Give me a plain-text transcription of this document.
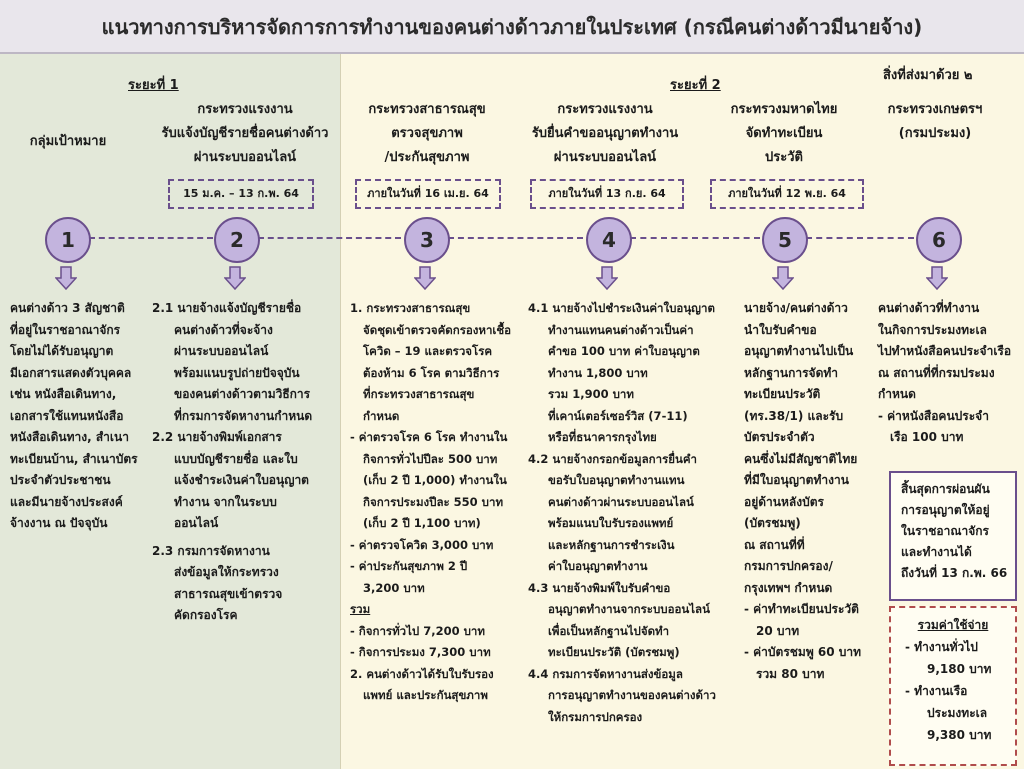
แนวทางการบริหารจัดการการทำงานของคนต่างด้าวภายในประเทศ (กรณีคนต่างด้าวมีนายจ้าง)
ระยะที่ 1	ระยะที่ 2
สิ่งที่ส่งมาด้วย ๒
กลุ่มเป้าหมาย
กระทรวงแรงงาน
รับแจ้งบัญชีรายชื่อคนต่างด้าว
ผ่านระบบออนไลน์
กระทรวงสาธารณสุข
ตรวจสุขภาพ
/ประกันสุขภาพ
กระทรวงแรงงาน
รับยื่นคำขออนุญาตทำงาน
ผ่านระบบออนไลน์
กระทรวงมหาดไทย
จัดทำทะเบียน
ประวัติ
กระทรวงเกษตรฯ
(กรมประมง)
15 ม.ค. – 13 ก.พ. 64	ภายในวันที่ 16 เม.ย. 64	ภายในวันที่ 13 ก.ย. 64	ภายในวันที่ 12 พ.ย. 64
1	2	3	4	5	6
คนต่างด้าว 3 สัญชาติ
ที่อยู่ในราชอาณาจักร
โดยไม่ได้รับอนุญาต
มีเอกสารแสดงตัวบุคคล
เช่น หนังสือเดินทาง,
เอกสารใช้แทนหนังสือ
หนังสือเดินทาง, สำเนา
ทะเบียนบ้าน, สำเนาบัตร
ประจำตัวประชาชน
และมีนายจ้างประสงค์
จ้างงาน ณ ปัจจุบัน
2.1 นายจ้างแจ้งบัญชีรายชื่อ
คนต่างด้าวที่จะจ้าง
ผ่านระบบออนไลน์
พร้อมแนบรูปถ่ายปัจจุบัน
ของคนต่างด้าวตามวิธีการ
ที่กรมการจัดหางานกำหนด
2.2 นายจ้างพิมพ์เอกสาร
แบบบัญชีรายชื่อ และใบ
แจ้งชำระเงินค่าใบอนุญาต
ทำงาน จากในระบบ
ออนไลน์
2.3 กรมการจัดหางาน
ส่งข้อมูลให้กระทรวง
สาธารณสุขเข้าตรวจ
คัดกรองโรค
1. กระทรวงสาธารณสุข
จัดชุดเข้าตรวจคัดกรองหาเชื้อ
โควิด – 19 และตรวจโรค
ต้องห้าม 6 โรค ตามวิธีการ
ที่กระทรวงสาธารณสุข
กำหนด
- ค่าตรวจโรค 6 โรค ทำงานใน
กิจการทั่วไปปีละ 500 บาท
(เก็บ 2 ปี 1,000) ทำงานใน
กิจการประมงปีละ 550 บาท
(เก็บ 2 ปี 1,100 บาท)
- ค่าตรวจโควิด 3,000 บาท
- ค่าประกันสุขภาพ 2 ปี
3,200 บาท
รวม
- กิจการทั่วไป 7,200 บาท
- กิจการประมง 7,300 บาท
2. คนต่างด้าวได้รับใบรับรอง
แพทย์ และประกันสุขภาพ
4.1 นายจ้างไปชำระเงินค่าใบอนุญาต
ทำงานแทนคนต่างด้าวเป็นค่า
คำขอ 100 บาท ค่าใบอนุญาต
ทำงาน 1,800 บาท
รวม 1,900 บาท
ที่เคาน์เตอร์เซอร์วิส (7-11)
หรือที่ธนาคารกรุงไทย
4.2 นายจ้างกรอกข้อมูลการยื่นคำ
ขอรับใบอนุญาตทำงานแทน
คนต่างด้าวผ่านระบบออนไลน์
พร้อมแนบใบรับรองแพทย์
และหลักฐานการชำระเงิน
ค่าใบอนุญาตทำงาน
4.3 นายจ้างพิมพ์ใบรับคำขอ
อนุญาตทำงานจากระบบออนไลน์
เพื่อเป็นหลักฐานไปจัดทำ
ทะเบียนประวัติ (บัตรชมพู)
4.4 กรมการจัดหางานส่งข้อมูล
การอนุญาตทำงานของคนต่างด้าว
ให้กรมการปกครอง
นายจ้าง/คนต่างด้าว
นำใบรับคำขอ
อนุญาตทำงานไปเป็น
หลักฐานการจัดทำ
ทะเบียนประวัติ
(ทร.38/1) และรับ
บัตรประจำตัว
คนซึ่งไม่มีสัญชาติไทย
ที่มีใบอนุญาตทำงาน
อยู่ด้านหลังบัตร
(บัตรชมพู)
ณ สถานที่ที่
กรมการปกครอง/
กรุงเทพฯ กำหนด
- ค่าทำทะเบียนประวัติ
20 บาท
- ค่าบัตรชมพู 60 บาท
รวม 80 บาท
คนต่างด้าวที่ทำงาน
ในกิจการประมงทะเล
ไปทำหนังสือคนประจำเรือ
ณ สถานที่ที่กรมประมง
กำหนด
- ค่าหนังสือคนประจำ
เรือ 100 บาท
สิ้นสุดการผ่อนผัน
การอนุญาตให้อยู่
ในราชอาณาจักร
และทำงานได้
ถึงวันที่ 13 ก.พ. 66
รวมค่าใช้จ่าย
- ทำงานทั่วไป
9,180 บาท
- ทำงานเรือ
ประมงทะเล
9,380 บาท
